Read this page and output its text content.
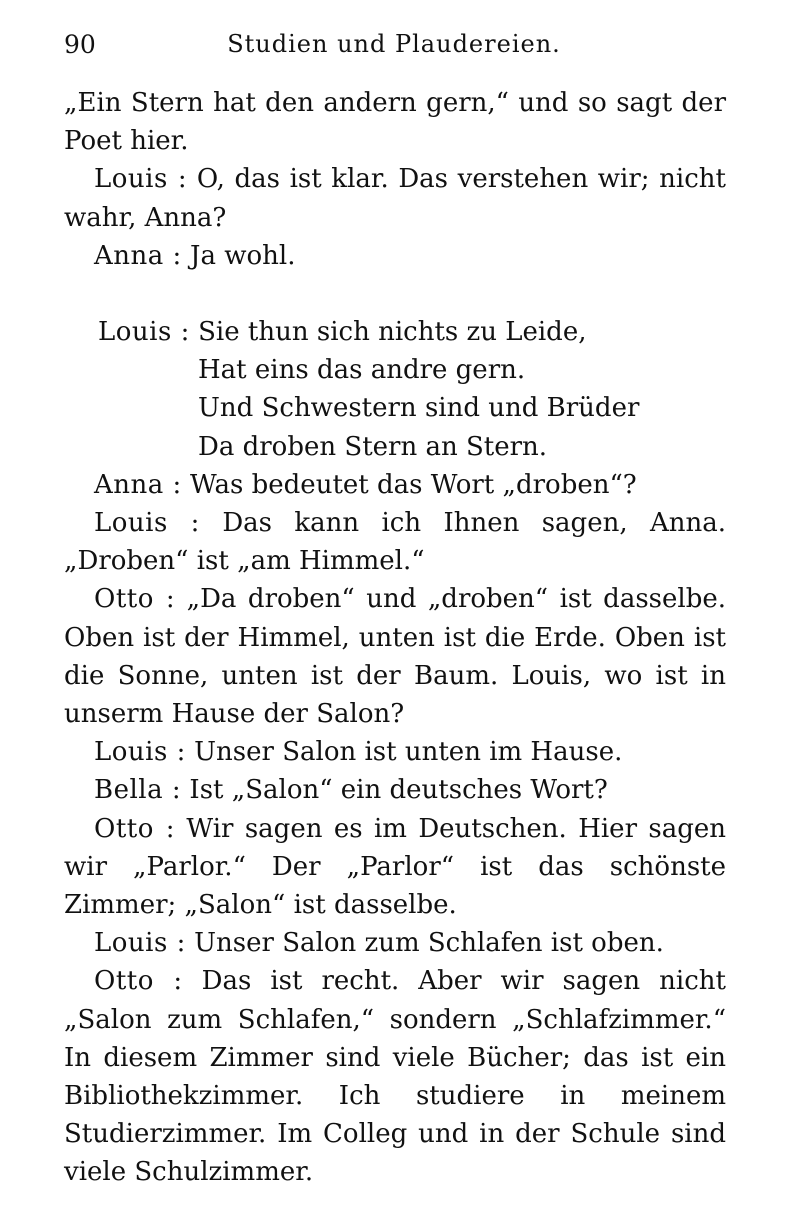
90	Studien und Plaudereien.

„Ein Stern hat den andern gern,“ und so sagt der Poet hier.

Louis : O, das ist klar. Das verstehen wir; nicht wahr, Anna?

Anna : Ja wohl.

Louis : Sie thun sich nichts zu Leide,
Hat eins das andre gern.
Und Schwestern sind und Brüder
Da droben Stern an Stern.

Anna : Was bedeutet das Wort „droben“?

Louis : Das kann ich Ihnen sagen, Anna. „Droben“ ist „am Himmel.“

Otto : „Da droben“ und „droben“ ist dasselbe. Oben ist der Himmel, unten ist die Erde. Oben ist die Sonne, unten ist der Baum. Louis, wo ist in unserm Hause der Salon?

Louis : Unser Salon ist unten im Hause.

Bella : Ist „Salon“ ein deutsches Wort?

Otto : Wir sagen es im Deutschen. Hier sagen wir „Parlor.“ Der „Parlor“ ist das schönste Zimmer; „Salon“ ist dasselbe.

Louis : Unser Salon zum Schlafen ist oben.

Otto : Das ist recht. Aber wir sagen nicht „Salon zum Schlafen,“ sondern „Schlafzimmer.“ In diesem Zimmer sind viele Bücher; das ist ein Bibliothekzimmer. Ich studiere in meinem Studierzimmer. Im Colleg und in der Schule sind viele Schulzimmer.
